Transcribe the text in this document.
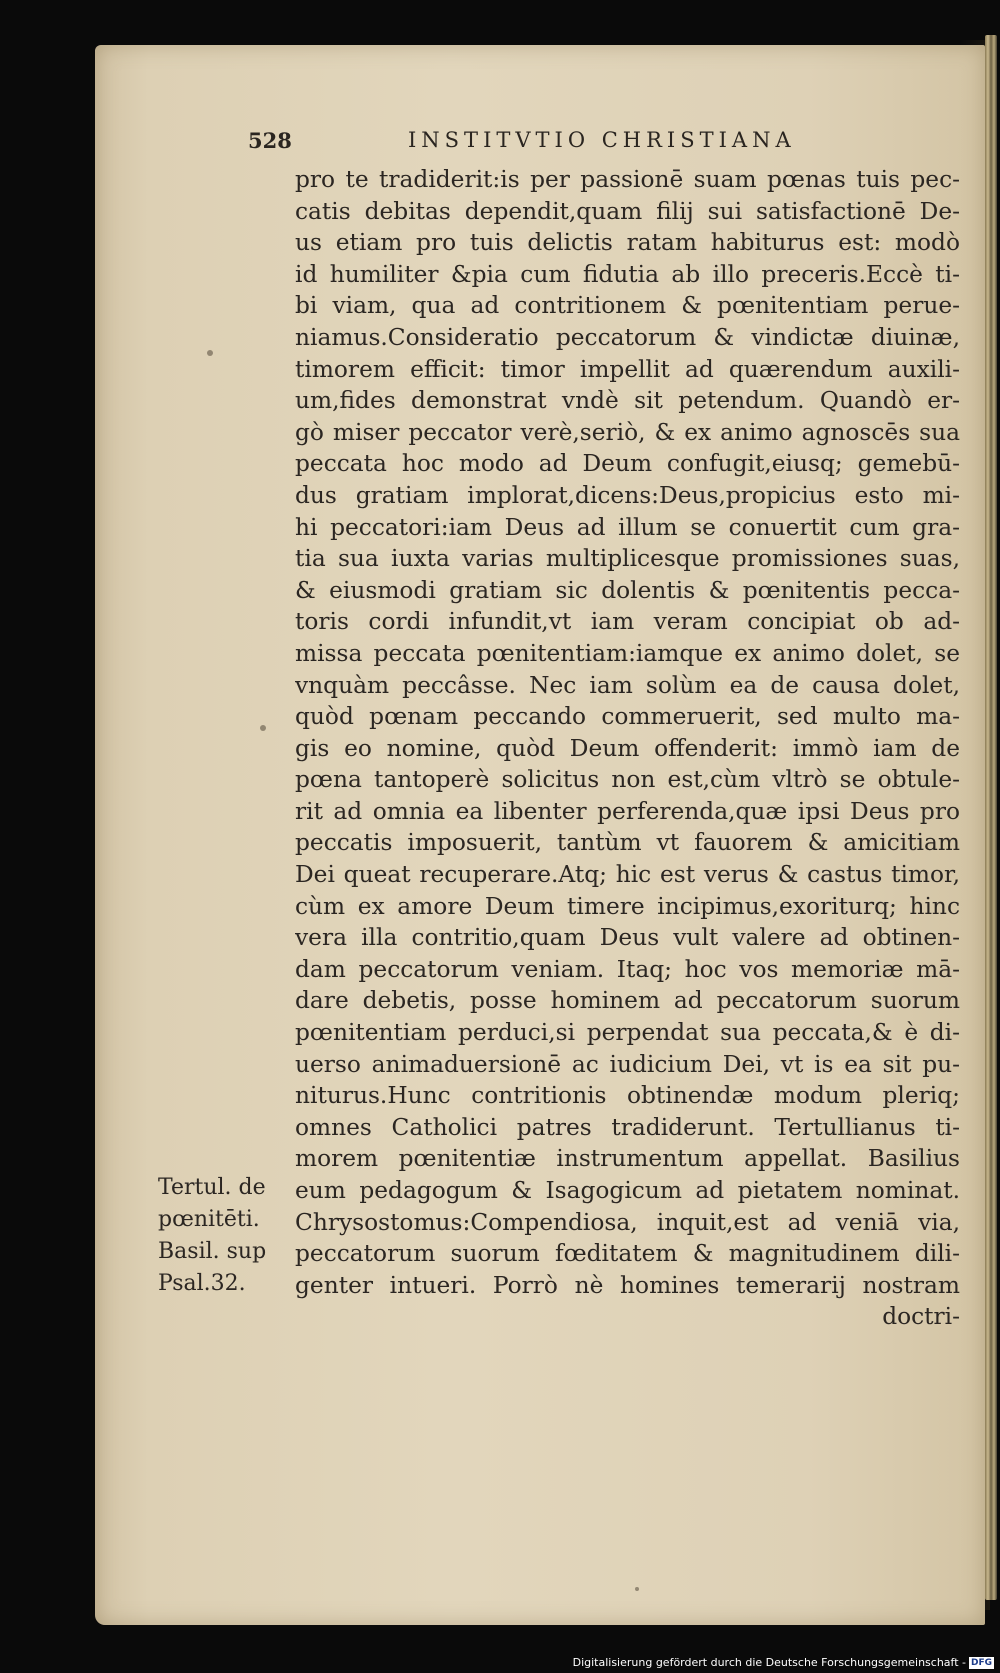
528	INSTITVTIO CHRISTIANA
pro te tradiderit:is per passionē suam pœnas tuis pec-
catis debitas dependit,quam filij sui satisfactionē De-
us etiam pro tuis delictis ratam habiturus est: modò
id humiliter &pia cum fidutia ab illo preceris.Eccè ti-
bi viam, qua ad contritionem & pœnitentiam perue-
niamus.Consideratio peccatorum & vindictæ diuinæ,
timorem efficit: timor impellit ad quærendum auxili-
um,fides demonstrat vndè sit petendum. Quandò er-
gò miser peccator verè,seriò, & ex animo agnoscēs sua
peccata hoc modo ad Deum confugit,eiusq; gemebū-
dus gratiam implorat,dicens:Deus,propicius esto mi-
hi peccatori:iam Deus ad illum se conuertit cum gra-
tia sua iuxta varias multiplicesque promissiones suas,
& eiusmodi gratiam sic dolentis & pœnitentis pecca-
toris cordi infundit,vt iam veram concipiat ob ad-
missa peccata pœnitentiam:iamque ex animo dolet, se
vnquàm peccâsse. Nec iam solùm ea de causa dolet,
quòd pœnam peccando commeruerit, sed multo ma-
gis eo nomine, quòd Deum offenderit: immò iam de
pœna tantoperè solicitus non est,cùm vltrò se obtule-
rit ad omnia ea libenter perferenda,quæ ipsi Deus pro
peccatis imposuerit, tantùm vt fauorem & amicitiam
Dei queat recuperare.Atq; hic est verus & castus timor,
cùm ex amore Deum timere incipimus,exoriturq; hinc
vera illa contritio,quam Deus vult valere ad obtinen-
dam peccatorum veniam. Itaq; hoc vos memoriæ mā-
dare debetis, posse hominem ad peccatorum suorum
pœnitentiam perduci,si perpendat sua peccata,& è di-
uerso animaduersionē ac iudicium Dei, vt is ea sit pu-
niturus.Hunc contritionis obtinendæ modum pleriq;
omnes Catholici patres tradiderunt. Tertullianus ti-
morem pœnitentiæ instrumentum appellat. Basilius
eum pedagogum & Isagogicum ad pietatem nominat.
Chrysostomus:Compendiosa, inquit,est ad veniā via,
peccatorum suorum fœditatem & magnitudinem dili-
genter intueri. Porrò nè homines temerarij nostram
doctri-
Tertul. de
pœnitēti.
Basil. sup
Psal.32.
Digitalisierung gefördert durch die Deutsche Forschungsgemeinschaft - DFG
